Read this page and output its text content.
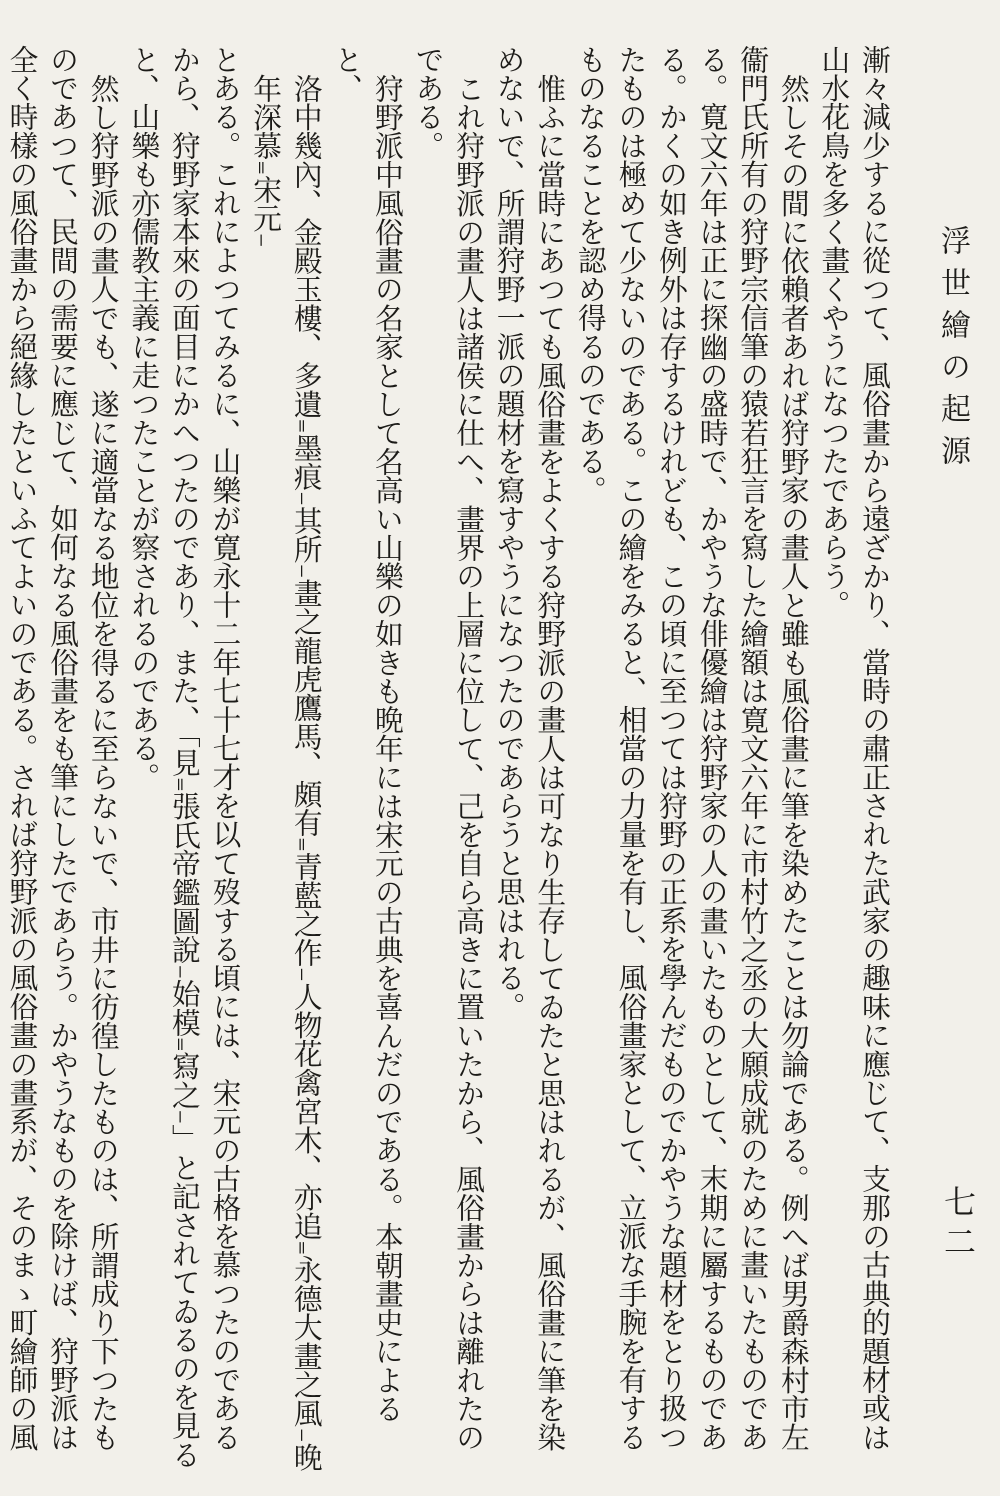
浮世繪の起源
七二

漸々減少するに從つて、風俗畫から遠ざかり、當時の肅正された武家の趣味に應じて、支那の古典的題材或は山水花鳥を多く畫くやうになつたであらう。

然しその間に依賴者あれば狩野家の畫人と雖も風俗畫に筆を染めたことは勿論である。例へば男爵森村市左衞門氏所有の狩野宗信筆の猿若狂言を寫した繪額は寛文六年に市村竹之丞の大願成就のために畫いたものである。寛文六年は正に探幽の盛時で、かやうな俳優繪は狩野家の人の畫いたものとして、末期に屬するものである。かくの如き例外は存するけれども、この頃に至つては狩野の正系を學んだものでかやうな題材をとり扱つたものは極めて少ないのである。この繪をみると、相當の力量を有し、風俗畫家として、立派な手腕を有するものなることを認め得るのである。

惟ふに當時にあつても風俗畫をよくする狩野派の畫人は可なり生存してゐたと思はれるが、風俗畫に筆を染めないで、所謂狩野一派の題材を寫すやうになつたのであらうと思はれる。

これ狩野派の畫人は諸侯に仕へ、畫界の上層に位して、己を自ら高きに置いたから、風俗畫からは離れたのである。

狩野派中風俗畫の名家として名高い山樂の如きも晩年には宋元の古典を喜んだのである。本朝畫史によると、

洛中幾內、金殿玉樓、多遺₌墨痕₋其所₋畫之龍虎鷹馬、頗有₌青藍之作₋人物花禽宮木、亦追₌永德大畫之風₋晚年深慕₌宋元₋

とある。これによつてみるに、山樂が寛永十二年七十七才を以て歿する頃には、宋元の古格を慕つたのであるから、狩野家本來の面目にかへつたのであり、また、「見₌張氏帝鑑圖說₋始模₌寫之₋」と記されてゐるのを見ると、山樂も亦儒教主義に走つたことが察されるのである。

然し狩野派の畫人でも、遂に適當なる地位を得るに至らないで、市井に彷徨したものは、所謂成り下つたものであつて、民間の需要に應じて、如何なる風俗畫をも筆にしたであらう。かやうなものを除けば、狩野派は全く時樣の風俗畫から絕緣したといふてよいのである。されば狩野派の風俗畫の畫系が、そのまゝ町繪師の風
